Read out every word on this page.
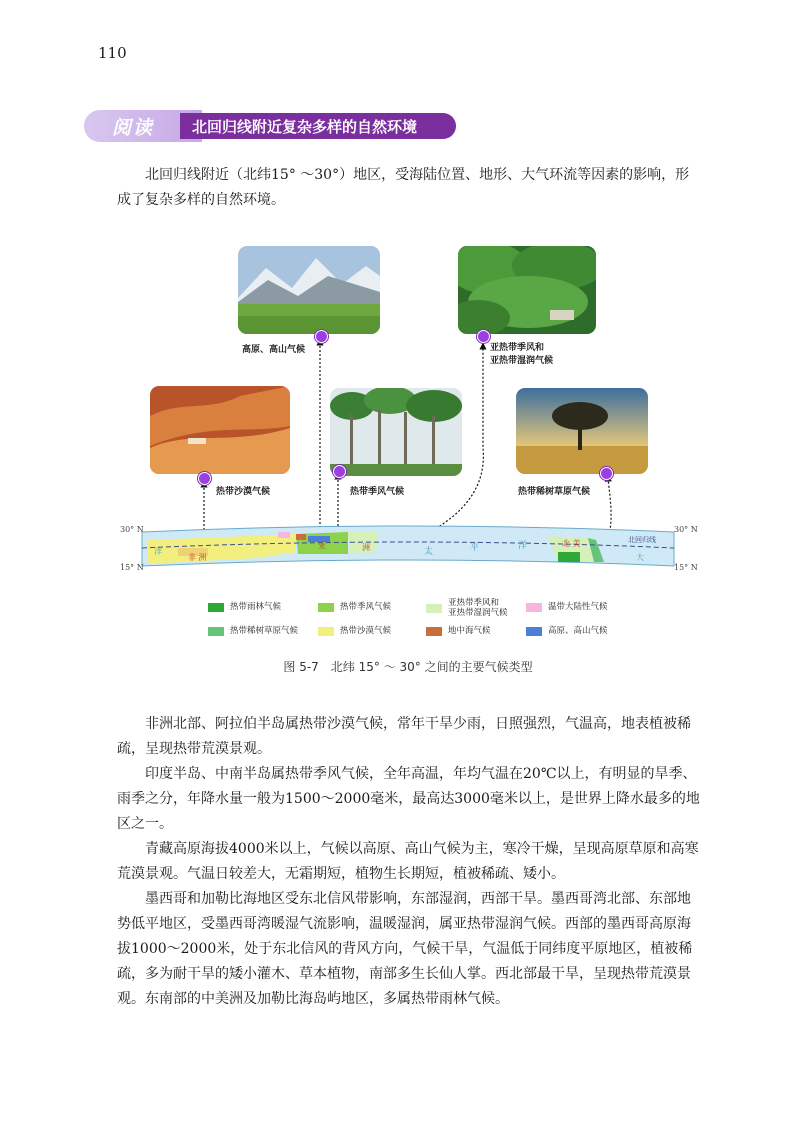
110
阅读	北回归线附近复杂多样的自然环境

北回归线附近（北纬15° ～30°）地区，受海陆位置、地形、大气环流等因素的影响，形成了复杂多样的自然环境。

高原、高山气候	亚热带季风和
亚热带湿润气候
热带沙漠气候	热带季风气候	热带稀树草原气候
30° N
15° N
30° N
15° N
非 洲
亚	洲	北 美	北回归线
洋	太	平	洋
大
热带雨林气候	热带季风气候	亚热带季风和
亚热带湿润气候
温带大陆性气候
热带稀树草原气候	热带沙漠气候	地中海气候	高原、高山气候
图 5-7　北纬 15° ～ 30° 之间的主要气候类型

非洲北部、阿拉伯半岛属热带沙漠气候，常年干旱少雨，日照强烈，气温高，地表植被稀疏，呈现热带荒漠景观。

印度半岛、中南半岛属热带季风气候，全年高温，年均气温在20℃以上，有明显的旱季、雨季之分，年降水量一般为1500～2000毫米，最高达3000毫米以上，是世界上降水最多的地区之一。

青藏高原海拔4000米以上，气候以高原、高山气候为主，寒冷干燥，呈现高原草原和高寒荒漠景观。气温日较差大，无霜期短，植物生长期短，植被稀疏、矮小。

墨西哥和加勒比海地区受东北信风带影响，东部湿润，西部干旱。墨西哥湾北部、东部地势低平地区，受墨西哥湾暖湿气流影响，温暖湿润，属亚热带湿润气候。西部的墨西哥高原海拔1000～2000米，处于东北信风的背风方向，气候干旱，气温低于同纬度平原地区，植被稀疏，多为耐干旱的矮小灌木、草本植物，南部多生长仙人掌。西北部最干旱，呈现热带荒漠景观。东南部的中美洲及加勒比海岛屿地区，多属热带雨林气候。
